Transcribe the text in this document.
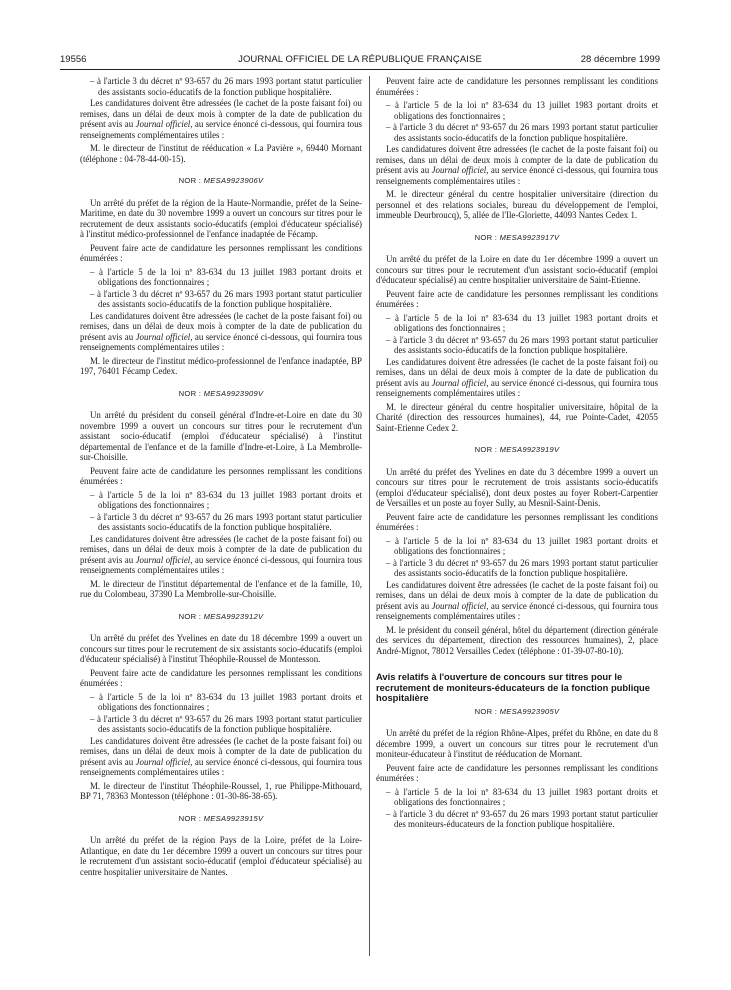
19556	JOURNAL OFFICIEL DE LA RÉPUBLIQUE FRANÇAISE	28 décembre 1999
– à l'article 3 du décret nº 93-657 du 26 mars 1993 portant statut particulier des assistants socio-éducatifs de la fonction publique hospitalière.

Les candidatures doivent être adressées (le cachet de la poste faisant foi) ou remises, dans un délai de deux mois à compter de la date de publication du présent avis au Journal officiel, au service énoncé ci-dessous, qui fournira tous renseignements complémentaires utiles :

M. le directeur de l'institut de rééducation « La Pavière », 69440 Mornant (téléphone : 04-78-44-00-15).

NOR : MESA9923906V

Un arrêté du préfet de la région de la Haute-Normandie, préfet de la Seine-Maritime, en date du 30 novembre 1999 a ouvert un concours sur titres pour le recrutement de deux assistants socio-éducatifs (emploi d'éducateur spécialisé) à l'institut médico-professionnel de l'enfance inadaptée de Fécamp.

Peuvent faire acte de candidature les personnes remplissant les conditions énumérées :

– à l'article 5 de la loi nº 83-634 du 13 juillet 1983 portant droits et obligations des fonctionnaires ;
– à l'article 3 du décret nº 93-657 du 26 mars 1993 portant statut particulier des assistants socio-éducatifs de la fonction publique hospitalière.

Les candidatures doivent être adressées (le cachet de la poste faisant foi) ou remises, dans un délai de deux mois à compter de la date de publication du présent avis au Journal officiel, au service énoncé ci-dessous, qui fournira tous renseignements complémentaires utiles :

M. le directeur de l'institut médico-professionnel de l'enfance inadaptée, BP 197, 76401 Fécamp Cedex.

NOR : MESA9923909V

Un arrêté du président du conseil général d'Indre-et-Loire en date du 30 novembre 1999 a ouvert un concours sur titres pour le recrutement d'un assistant socio-éducatif (emploi d'éducateur spécialisé) à l'institut départemental de l'enfance et de la famille d'Indre-et-Loire, à La Membrolle-sur-Choisille.

Peuvent faire acte de candidature les personnes remplissant les conditions énumérées :

– à l'article 5 de la loi nº 83-634 du 13 juillet 1983 portant droits et obligations des fonctionnaires ;
– à l'article 3 du décret nº 93-657 du 26 mars 1993 portant statut particulier des assistants socio-éducatifs de la fonction publique hospitalière.

Les candidatures doivent être adressées (le cachet de la poste faisant foi) ou remises, dans un délai de deux mois à compter de la date de publication du présent avis au Journal officiel, au service énoncé ci-dessous, qui fournira tous renseignements complémentaires utiles :

M. le directeur de l'institut départemental de l'enfance et de la famille, 10, rue du Colombeau, 37390 La Membrolle-sur-Choisille.

NOR : MESA9923912V

Un arrêté du préfet des Yvelines en date du 18 décembre 1999 a ouvert un concours sur titres pour le recrutement de six assistants socio-éducatifs (emploi d'éducateur spécialisé) à l'institut Théophile-Roussel de Montesson.

Peuvent faire acte de candidature les personnes remplissant les conditions énumérées :

– à l'article 5 de la loi nº 83-634 du 13 juillet 1983 portant droits et obligations des fonctionnaires ;
– à l'article 3 du décret nº 93-657 du 26 mars 1993 portant statut particulier des assistants socio-éducatifs de la fonction publique hospitalière.

Les candidatures doivent être adressées (le cachet de la poste faisant foi) ou remises, dans un délai de deux mois à compter de la date de publication du présent avis au Journal officiel, au service énoncé ci-dessous, qui fournira tous renseignements complémentaires utiles :

M. le directeur de l'institut Théophile-Roussel, 1, rue Philippe-Mithouard, BP 71, 78363 Montesson (téléphone : 01-30-86-38-65).

NOR : MESA9923915V

Un arrêté du préfet de la région Pays de la Loire, préfet de la Loire-Atlantique, en date du 1er décembre 1999 a ouvert un concours sur titres pour le recrutement d'un assistant socio-éducatif (emploi d'éducateur spécialisé) au centre hospitalier universitaire de Nantes.

Peuvent faire acte de candidature les personnes remplissant les conditions énumérées :

– à l'article 5 de la loi nº 83-634 du 13 juillet 1983 portant droits et obligations des fonctionnaires ;
– à l'article 3 du décret nº 93-657 du 26 mars 1993 portant statut particulier des assistants socio-éducatifs de la fonction publique hospitalière.

Les candidatures doivent être adressées (le cachet de la poste faisant foi) ou remises, dans un délai de deux mois à compter de la date de publication du présent avis au Journal officiel, au service énoncé ci-dessous, qui fournira tous renseignements complémentaires utiles :

M. le directeur général du centre hospitalier universitaire (direction du personnel et des relations sociales, bureau du développement de l'emploi, immeuble Deurbroucq), 5, allée de l'Ile-Gloriette, 44093 Nantes Cedex 1.

NOR : MESA9923917V

Un arrêté du préfet de la Loire en date du 1er décembre 1999 a ouvert un concours sur titres pour le recrutement d'un assistant socio-éducatif (emploi d'éducateur spécialisé) au centre hospitalier universitaire de Saint-Etienne.

Peuvent faire acte de candidature les personnes remplissant les conditions énumérées :

– à l'article 5 de la loi nº 83-634 du 13 juillet 1983 portant droits et obligations des fonctionnaires ;
– à l'article 3 du décret nº 93-657 du 26 mars 1993 portant statut particulier des assistants socio-éducatifs de la fonction publique hospitalière.

Les candidatures doivent être adressées (le cachet de la poste faisant foi) ou remises, dans un délai de deux mois à compter de la date de publication du présent avis au Journal officiel, au service énoncé ci-dessous, qui fournira tous renseignements complémentaires utiles :

M. le directeur général du centre hospitalier universitaire, hôpital de la Charité (direction des ressources humaines), 44, rue Pointe-Cadet, 42055 Saint-Etienne Cedex 2.

NOR : MESA9923919V

Un arrêté du préfet des Yvelines en date du 3 décembre 1999 a ouvert un concours sur titres pour le recrutement de trois assistants socio-éducatifs (emploi d'éducateur spécialisé), dont deux postes au foyer Robert-Carpentier de Versailles et un poste au foyer Sully, au Mesnil-Saint-Denis.

Peuvent faire acte de candidature les personnes remplissant les conditions énumérées :

– à l'article 5 de la loi nº 83-634 du 13 juillet 1983 portant droits et obligations des fonctionnaires ;
– à l'article 3 du décret nº 93-657 du 26 mars 1993 portant statut particulier des assistants socio-éducatifs de la fonction publique hospitalière.

Les candidatures doivent être adressées (le cachet de la poste faisant foi) ou remises, dans un délai de deux mois à compter de la date de publication du présent avis au Journal officiel, au service énoncé ci-dessous, qui fournira tous renseignements complémentaires utiles :

M. le président du conseil général, hôtel du département (direction générale des services du département, direction des ressources humaines), 2, place André-Mignot, 78012 Versailles Cedex (téléphone : 01-39-07-80-10).

Avis relatifs à l'ouverture de concours sur titres pour le recrutement de moniteurs-éducateurs de la fonction publique hospitalière
NOR : MESA9923905V

Un arrêté du préfet de la région Rhône-Alpes, préfet du Rhône, en date du 8 décembre 1999, a ouvert un concours sur titres pour le recrutement d'un moniteur-éducateur à l'institut de rééducation de Mornant.

Peuvent faire acte de candidature les personnes remplissant les conditions énumérées :

– à l'article 5 de la loi nº 83-634 du 13 juillet 1983 portant droits et obligations des fonctionnaires ;
– à l'article 3 du décret nº 93-657 du 26 mars 1993 portant statut particulier des moniteurs-éducateurs de la fonction publique hospitalière.
